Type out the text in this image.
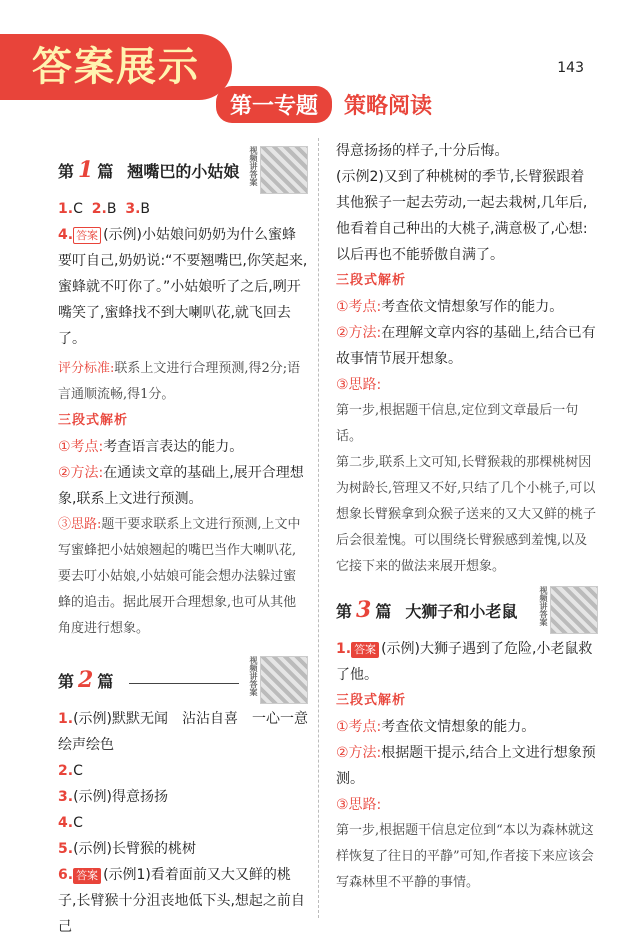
答案展示	143
第一专题 策略阅读
第 1 篇 翘嘴巴的小姑娘	视频讲答案

1.C 2.B 3.B

4. 答案 (示例)小姑娘问奶奶为什么蜜蜂要叮自己,奶奶说:“不要翘嘴巴,你笑起来,蜜蜂就不叮你了。”小姑娘听了之后,咧开嘴笑了,蜜蜂找不到大喇叭花,就飞回去了。

评分标准:联系上文进行合理预测,得2分;语言通顺流畅,得1分。

三段式解析

①考点:考查语言表达的能力。

②方法:在通读文章的基础上,展开合理想象,联系上文进行预测。

③思路:题干要求联系上文进行预测,上文中写蜜蜂把小姑娘翘起的嘴巴当作大喇叭花,要去叮小姑娘,小姑娘可能会想办法躲过蜜蜂的追击。据此展开合理想象,也可从其他角度进行想象。

第 2 篇	视频讲答案

1.(示例)默默无闻　沾沾自喜　一心一意　绘声绘色

2.C

3.(示例)得意扬扬

4.C

5.(示例)长臂猴的桃树

6. 答案 (示例1)看着面前又大又鲜的桃子,长臂猴十分沮丧地低下头,想起之前自己

得意扬扬的样子,十分后悔。

(示例2)又到了种桃树的季节,长臂猴跟着其他猴子一起去劳动,一起去栽树,几年后,他看着自己种出的大桃子,满意极了,心想:以后再也不能骄傲自满了。

三段式解析

①考点:考查依文情想象写作的能力。

②方法:在理解文章内容的基础上,结合已有故事情节展开想象。

③思路:

第一步,根据题干信息,定位到文章最后一句话。

第二步,联系上文可知,长臂猴栽的那棵桃树因为树龄长,管理又不好,只结了几个小桃子,可以想象长臂猴拿到众猴子送来的又大又鲜的桃子后会很羞愧。可以围绕长臂猴感到羞愧,以及它接下来的做法来展开想象。

第 3 篇 大狮子和小老鼠	视频讲答案

1. 答案 (示例)大狮子遇到了危险,小老鼠救了他。

三段式解析

①考点:考查依文情想象的能力。

②方法:根据题干提示,结合上文进行想象预测。

③思路:

第一步,根据题干信息定位到“本以为森林就这样恢复了往日的平静”可知,作者接下来应该会写森林里不平静的事情。
